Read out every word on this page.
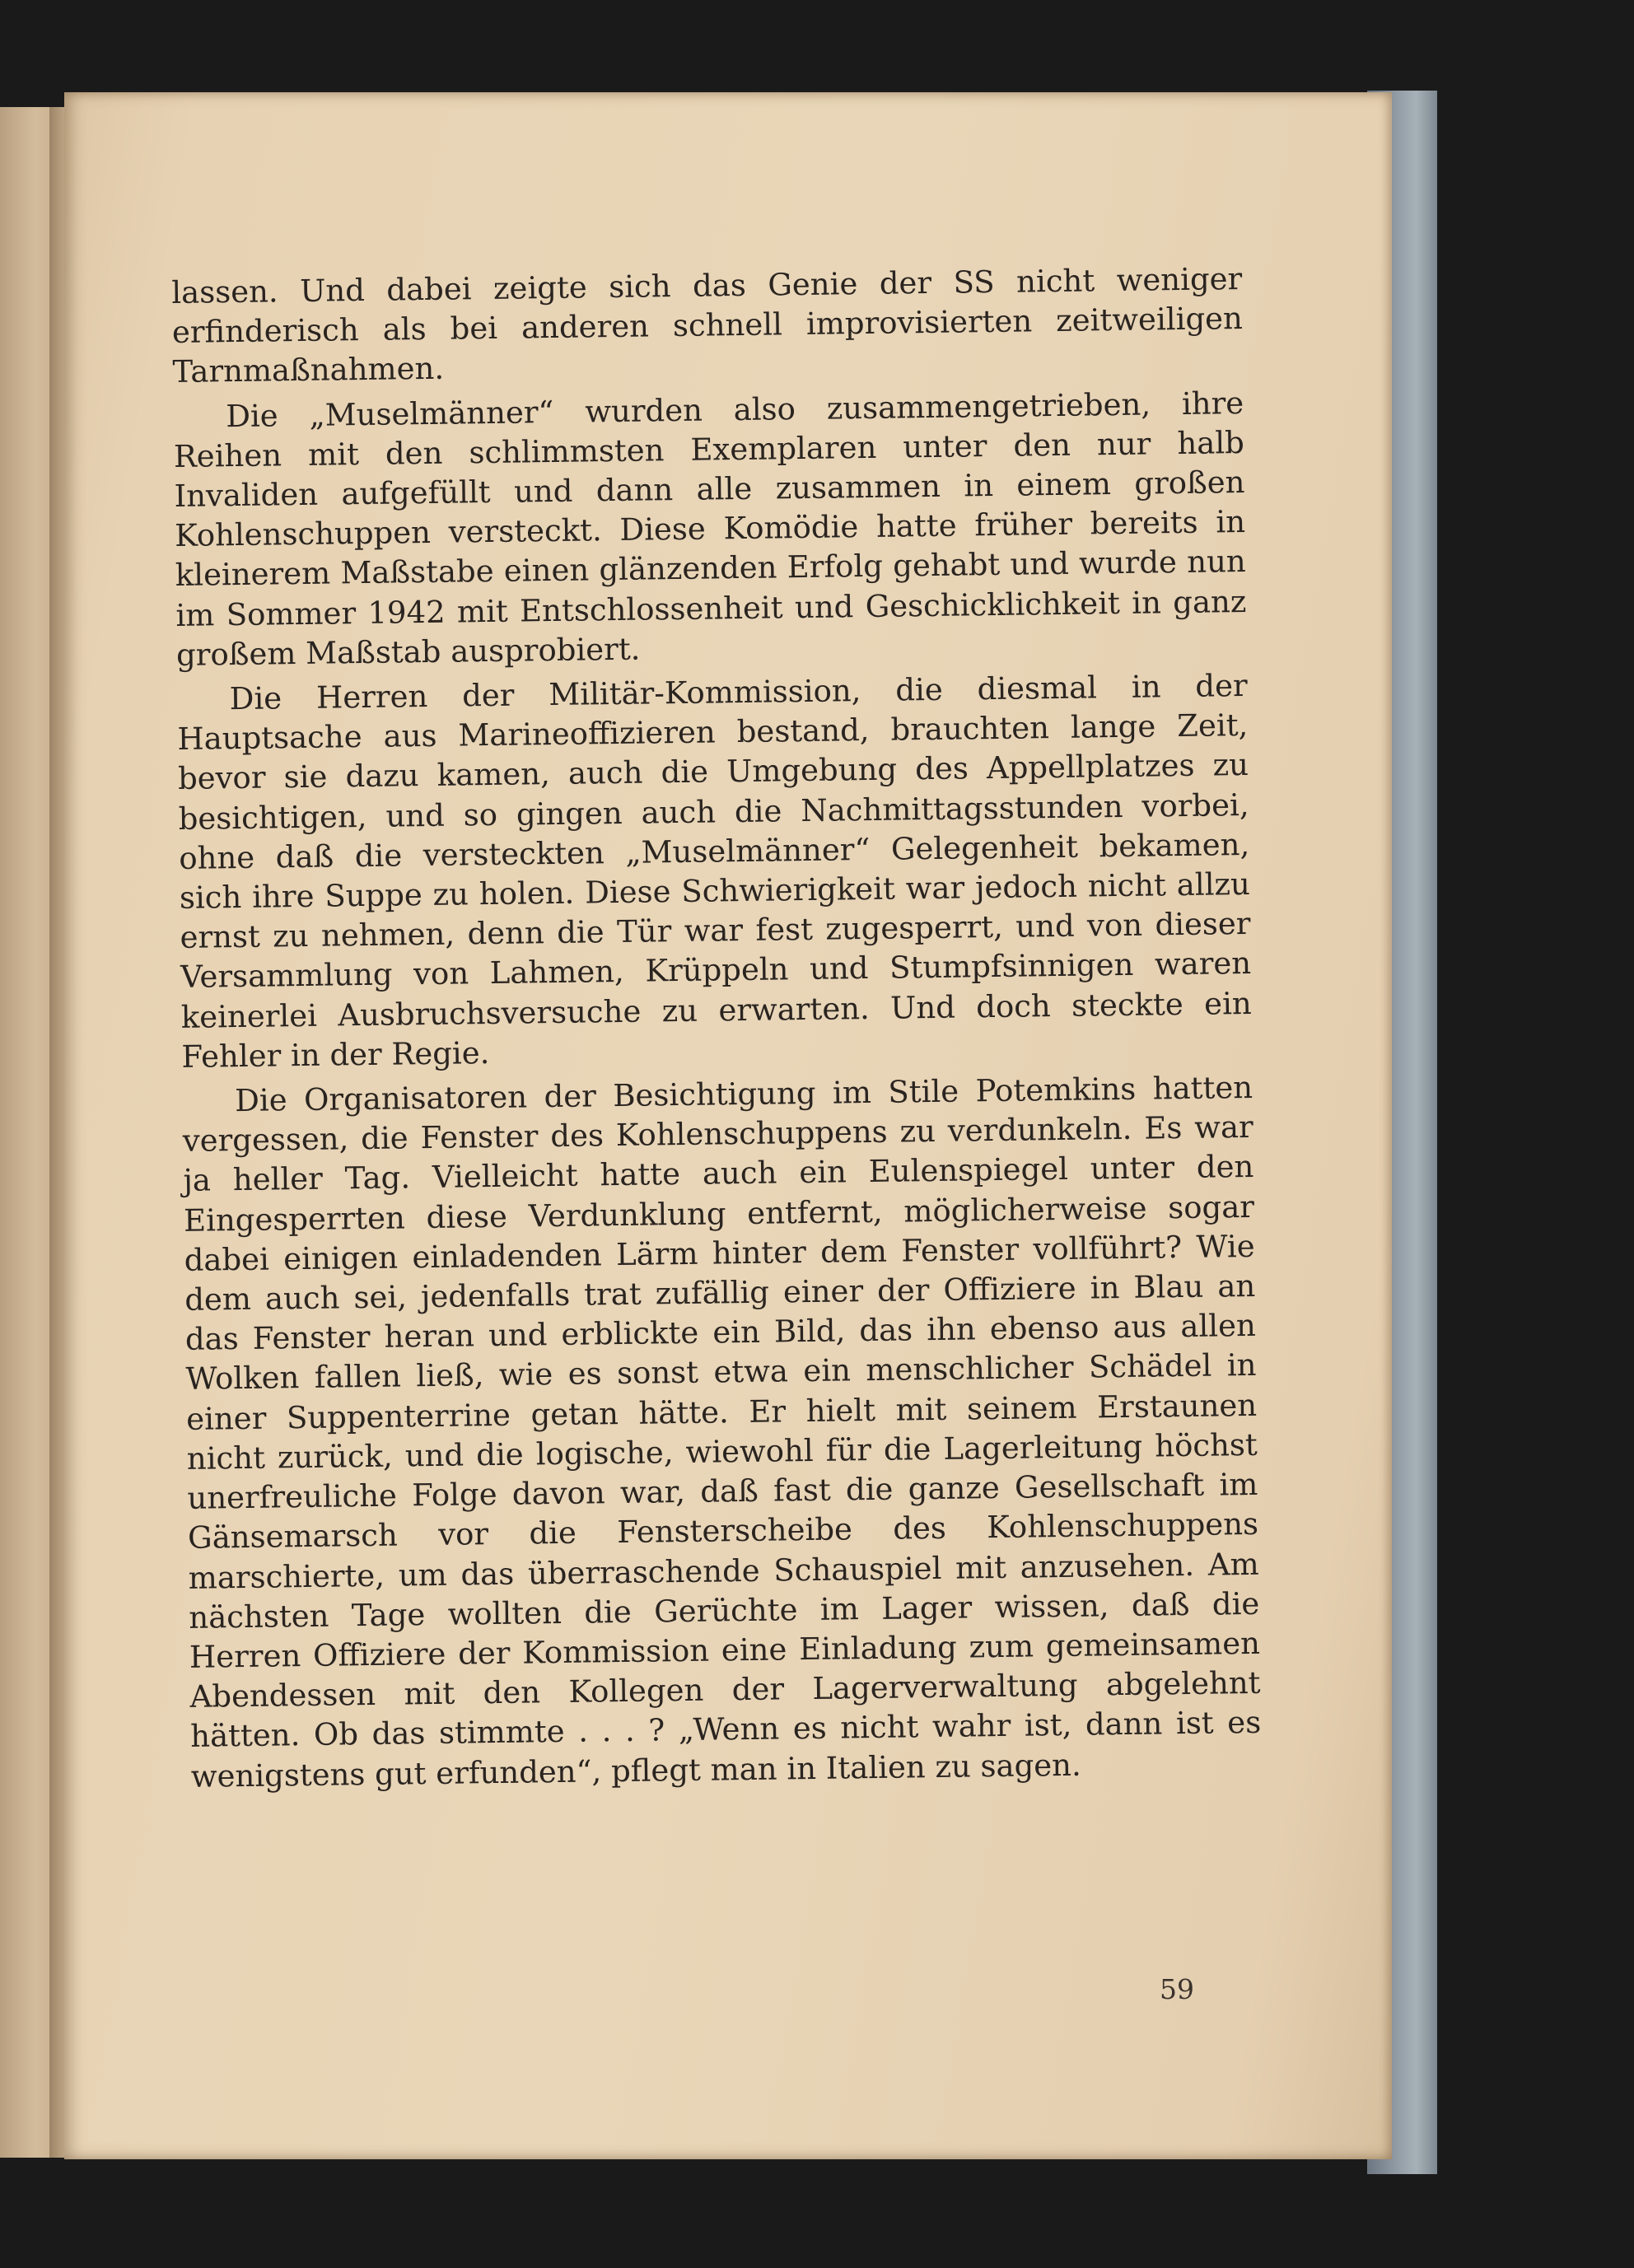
lassen. Und dabei zeigte sich das Genie der SS nicht weniger erfinderisch als bei anderen schnell improvisierten zeitweiligen Tarnmaßnahmen.

Die „Muselmänner“ wurden also zusammengetrieben, ihre Reihen mit den schlimmsten Exemplaren unter den nur halb Invaliden aufgefüllt und dann alle zusammen in einem großen Kohlenschuppen versteckt. Diese Komödie hatte früher bereits in kleinerem Maßstabe einen glänzenden Erfolg gehabt und wurde nun im Sommer 1942 mit Entschlossenheit und Geschicklichkeit in ganz großem Maßstab ausprobiert.

Die Herren der Militär-Kommission, die diesmal in der Hauptsache aus Marineoffizieren bestand, brauchten lange Zeit, bevor sie dazu kamen, auch die Umgebung des Appellplatzes zu besichtigen, und so gingen auch die Nachmittagsstunden vorbei, ohne daß die versteckten „Muselmänner“ Gelegenheit bekamen, sich ihre Suppe zu holen. Diese Schwierigkeit war jedoch nicht allzu ernst zu nehmen, denn die Tür war fest zugesperrt, und von dieser Versammlung von Lahmen, Krüppeln und Stumpfsinnigen waren keinerlei Ausbruchsversuche zu erwarten. Und doch steckte ein Fehler in der Regie.

Die Organisatoren der Besichtigung im Stile Potemkins hatten vergessen, die Fenster des Kohlenschuppens zu verdunkeln. Es war ja heller Tag. Vielleicht hatte auch ein Eulenspiegel unter den Eingesperrten diese Verdunklung entfernt, möglicherweise sogar dabei einigen einladenden Lärm hinter dem Fenster vollführt? Wie dem auch sei, jedenfalls trat zufällig einer der Offiziere in Blau an das Fenster heran und erblickte ein Bild, das ihn ebenso aus allen Wolken fallen ließ, wie es sonst etwa ein menschlicher Schädel in einer Suppenterrine getan hätte. Er hielt mit seinem Erstaunen nicht zurück, und die logische, wiewohl für die Lagerleitung höchst unerfreuliche Folge davon war, daß fast die ganze Gesellschaft im Gänsemarsch vor die Fensterscheibe des Kohlenschuppens marschierte, um das überraschende Schauspiel mit anzusehen. Am nächsten Tage wollten die Gerüchte im Lager wissen, daß die Herren Offiziere der Kommission eine Einladung zum gemeinsamen Abendessen mit den Kollegen der Lagerverwaltung abgelehnt hätten. Ob das stimmte . . . ? „Wenn es nicht wahr ist, dann ist es wenigstens gut erfunden“, pflegt man in Italien zu sagen.

59
